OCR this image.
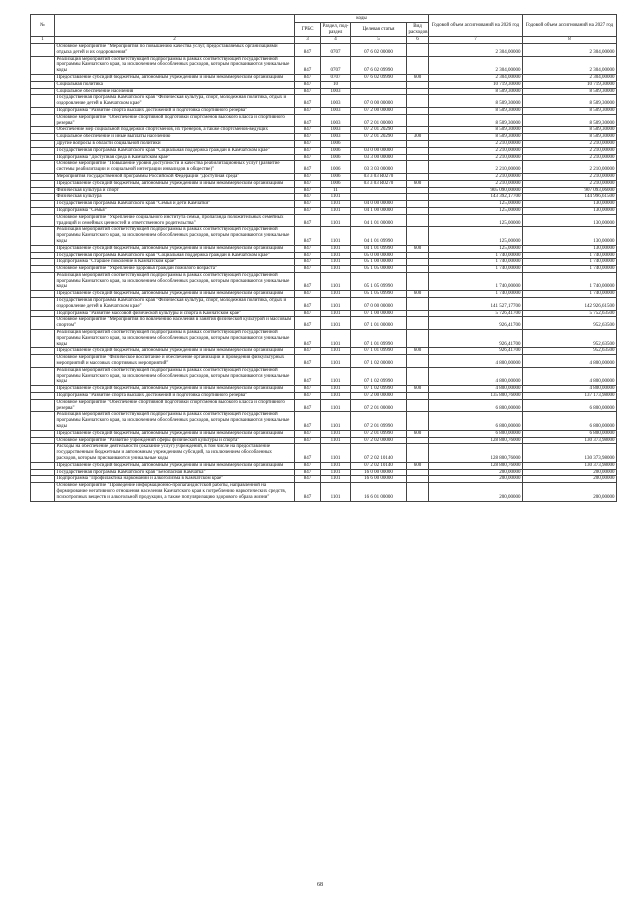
№		коды				Годовой объем ассигнований на 2026 год	Годовой объем ассигнований на 2027 год
		ГРБС	Раздел, под-раздел	Целевая статья	Вид расходов		
1	2	3	4	5	6	7	8
	Основное мероприятие "Мероприятия по повышению качества услуг, предоставляемых организациями отдыха детей и их оздоровления"	847	0707	07 6 02 00000		2 304,00000	2 304,00000
	Реализация мероприятий соответствующей подпрограммы в рамках соответствующей государственной программы Камчатского края, за исключением обособленных расходов, которым присваиваются уникальные коды	847	0707	07 6 02 09990		2 304,00000	2 304,00000
	Предоставление субсидий бюджетным, автономным учреждениям и иным некоммерческим организациям	847	0707	07 6 02 09990	600	2 304,00000	2 304,00000
	Социальная политика	847	10			10 719,30000	10 719,30000
	Социальное обеспечение населения	847	1003			8 509,30000	8 509,30000
	Государственная программа Камчатского края "Физическая культура, спорт, молодежная политика, отдых и оздоровление детей в Камчатском крае"	847	1003	07 0 00 00000		8 509,30000	8 509,30000
	Подпрограмма "Развитие спорта высших достижений и подготовка спортивного резерва"	847	1003	07 2 00 00000		8 509,30000	8 509,30000
	Основное мероприятие "Обеспечение спортивной подготовки спортсменов высокого класса и спортивного резерва"	847	1003	07 2 01 00000		8 509,30000	8 509,30000
	Обеспечение мер социальной поддержки спортсменов, их тренеров, а также спортсменов-ведущих	847	1003	07 2 01 20290		8 509,30000	8 509,30000
	Социальное обеспечение и иные выплаты населению	847	1003	07 2 01 20290	300	8 509,30000	8 509,30000
	Другие вопросы в области социальной политики	847	1006			2 210,00000	2 210,00000
	Государственная программа Камчатского края "Социальная поддержка граждан в Камчатском крае"	847	1006	03 0 00 00000		2 210,00000	2 210,00000
	Подпрограмма "Доступная среда в Камчатском крае"	847	1006	03 3 00 00000		2 210,00000	2 210,00000
	Основное мероприятие "Повышение уровня доступности и качества реабилитационных услуг (развитие системы реабилитации и социальной интеграции инвалидов в обществе)"	847	1006	03 3 03 00000		2 210,00000	2 210,00000
	Мероприятия государственной программы Российской Федерации "Доступная среда"	847	1006	03 3 03 R0270		2 210,00000	2 210,00000
	Предоставление субсидий бюджетным, автономным учреждениям и иным некоммерческим организациям	847	1006	03 3 03 R0270	600	2 210,00000	2 210,00000
	Физическая культура и спорт	847	11			905 090,00000	907 093,06000
	Физическая культура	847	1101			143 392,17700	144 996,61500
	Государственная программа Камчатского края "Семья и дети Камчатки"	847	1101	04 0 00 00000		125,00000	130,00000
	Подпрограмма "Семья"	847	1101	04 1 00 00000		125,00000	130,00000
	Основное мероприятие "Укрепление социального института семьи, пропаганда положительных семейных традиций и семейных ценностей и ответственного родительства"	847	1101	04 1 01 00000		125,00000	130,00000
	Реализация мероприятий соответствующей подпрограммы в рамках соответствующей государственной программы Камчатского края, за исключением обособленных расходов, которым присваиваются уникальные коды	847	1101	04 1 01 09990		125,00000	130,00000
	Предоставление субсидий бюджетным, автономным учреждениям и иным некоммерческим организациям	847	1101	04 1 01 09990	600	125,00000	130,00000
	Государственная программа Камчатского края "Социальная поддержка граждан в Камчатском крае"	847	1101	05 0 00 00000		1 740,00000	1 740,00000
	Подпрограмма "Старшее поколение в Камчатском крае"	847	1101	05 1 00 00000		1 740,00000	1 740,00000
	Основное мероприятие "Укрепление здоровья граждан пожилого возраста"	847	1101	05 1 05 00000		1 740,00000	1 740,00000
	Реализация мероприятий соответствующей подпрограммы в рамках соответствующей государственной программы Камчатского края, за исключением обособленных расходов, которым присваиваются уникальные коды	847	1101	05 1 05 09990		1 740,00000	1 740,00000
	Предоставление субсидий бюджетным, автономным учреждениям и иным некоммерческим организациям	847	1101	05 1 05 09990	600	1 740,00000	1 740,00000
	Государственная программа Камчатского края "Физическая культура, спорт, молодежная политика, отдых и оздоровление детей в Камчатском крае"	847	1101	07 0 00 00000		141 527,17700	142 926,61500
	Подпрограмма "Развитие массовой физической культуры и спорта в Камчатском крае"	847	1101	07 1 00 00000		5 726,41700	5 752,63500
	Основное мероприятие "Мероприятия по вовлечению населения в занятия физической культурой и массовым спортом"	847	1101	07 1 01 00000		926,41700	952,63500
	Реализация мероприятий соответствующей подпрограммы в рамках соответствующей государственной программы Камчатского края, за исключением обособленных расходов, которым присваиваются уникальные коды	847	1101	07 1 01 09990		926,41700	952,63500
	Предоставление субсидий бюджетным, автономным учреждениям и иным некоммерческим организациям	847	1101	07 1 01 09990	600	926,41700	952,63500
	Основное мероприятие "Физическое воспитание и обеспечение организации и проведения физкультурных мероприятий и массовых спортивных мероприятий"	847	1101	07 1 02 00000		4 800,00000	4 800,00000
	Реализация мероприятий соответствующей подпрограммы в рамках соответствующей государственной программы Камчатского края, за исключением обособленных расходов, которым присваиваются уникальные коды	847	1101	07 1 02 09990		4 800,00000	4 800,00000
	Предоставление субсидий бюджетным, автономным учреждениям и иным некоммерческим организациям	847	1101	07 1 02 09990	600	4 800,00000	4 800,00000
	Подпрограмма "Развитие спорта высших достижений и подготовка спортивного резерва"	847	1101	07 2 00 00000		135 800,76000	137 173,98000
	Основное мероприятие "Обеспечение спортивной подготовки спортсменов высокого класса и спортивного резерва"	847	1101	07 2 01 00000		6 800,00000	6 800,00000
	Реализация мероприятий соответствующей подпрограммы в рамках соответствующей государственной программы Камчатского края, за исключением обособленных расходов, которым присваиваются уникальные коды	847	1101	07 2 01 09990		6 800,00000	6 800,00000
	Предоставление субсидий бюджетным, автономным учреждениям и иным некоммерческим организациям	847	1101	07 2 01 09990	600	6 800,00000	6 800,00000
	Основное мероприятие "Развитие учреждений сферы физической культуры и спорта"	847	1101	07 2 02 00000		128 800,76000	130 373,98000
	Расходы на обеспечение деятельности (оказание услуг) учреждений, в том числе на предоставление государственным бюджетным и автономным учреждениям субсидий, за исключением обособленных расходов, которым присваиваются уникальные коды	847	1101	07 2 02 10140		128 800,76000	130 373,98000
	Предоставление субсидий бюджетным, автономным учреждениям и иным некоммерческим организациям	847	1101	07 2 02 10140	600	128 800,76000	130 373,98000
	Государственная программа Камчатского края "Безопасная Камчатка"	847	1101	16 0 00 00000		200,00000	200,00000
	Подпрограмма "Профилактика наркомании и алкоголизма в Камчатском крае"	847	1101	16 6 00 00000		200,00000	200,00000
	Основное мероприятие "Проведение информационно-пропагандистской работы, направленной на формирование негативного отношения населения Камчатского края к потреблению наркотических средств, психотропных веществ и алкогольной продукции, а также популяризацию здорового образа жизни"	847	1101	16 6 01 00000		200,00000	200,00000
68
